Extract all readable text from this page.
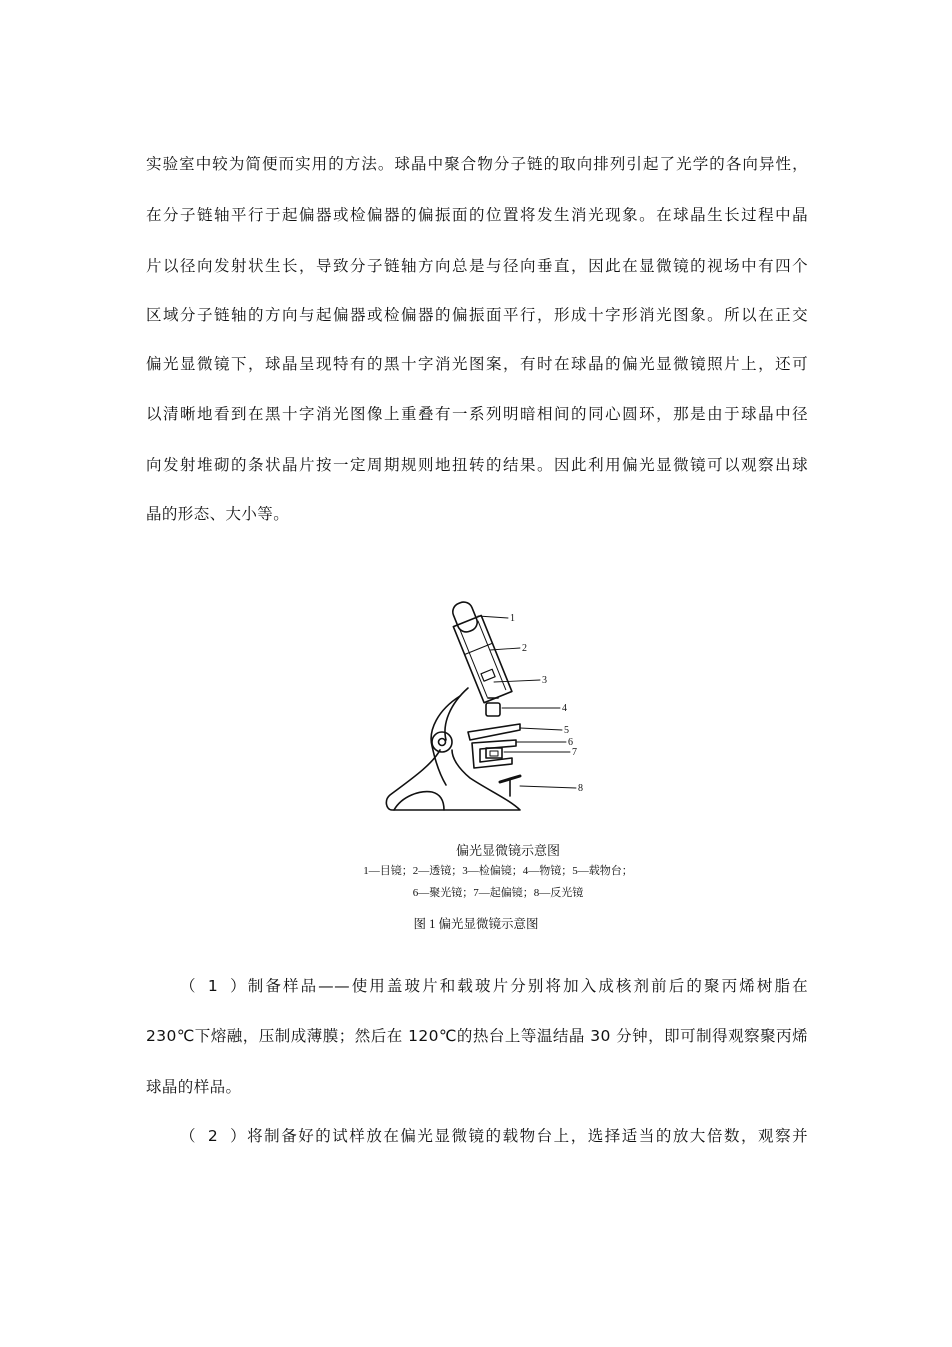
实验室中较为简便而实用的方法。球晶中聚合物分子链的取向排列引起了光学的各向异性，
在分子链轴平行于起偏器或检偏器的偏振面的位置将发生消光现象。在球晶生长过程中晶
片以径向发射状生长，导致分子链轴方向总是与径向垂直，因此在显微镜的视场中有四个
区域分子链轴的方向与起偏器或检偏器的偏振面平行，形成十字形消光图象。所以在正交
偏光显微镜下，球晶呈现特有的黑十字消光图案，有时在球晶的偏光显微镜照片上，还可
以清晰地看到在黑十字消光图像上重叠有一系列明暗相间的同心圆环，那是由于球晶中径
向发射堆砌的条状晶片按一定周期规则地扭转的结果。因此利用偏光显微镜可以观察出球
晶的形态、大小等。
1
2
3
4
5
6
7
8
偏光显微镜示意图
1—目镜；2—透镜；3—检偏镜；4—物镜；5—载物台；
6—聚光镜；7—起偏镜；8—反光镜
图 1 偏光显微镜示意图
（1）制备样品——使用盖玻片和载玻片分别将加入成核剂前后的聚丙烯树脂在
230℃下熔融，压制成薄膜；然后在 120℃的热台上等温结晶 30 分钟，即可制得观察聚丙烯
球晶的样品。
（2）将制备好的试样放在偏光显微镜的载物台上，选择适当的放大倍数，观察并
